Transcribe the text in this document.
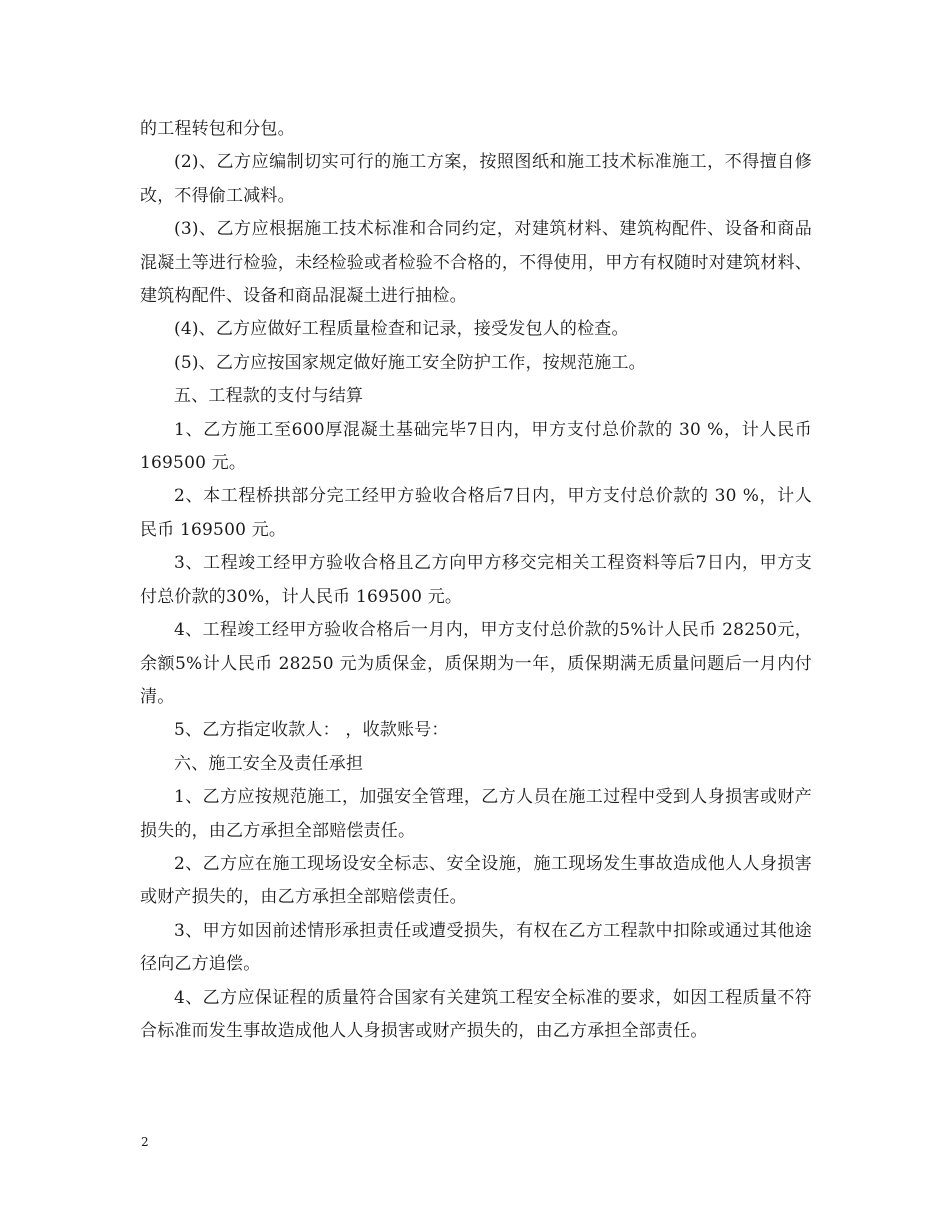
的工程转包和分包。

(2)、乙方应编制切实可行的施工方案，按照图纸和施工技术标准施工，不得擅自修改，不得偷工减料。

(3)、乙方应根据施工技术标准和合同约定，对建筑材料、建筑构配件、设备和商品混凝土等进行检验，未经检验或者检验不合格的，不得使用，甲方有权随时对建筑材料、建筑构配件、设备和商品混凝土进行抽检。

(4)、乙方应做好工程质量检查和记录，接受发包人的检查。

(5)、乙方应按国家规定做好施工安全防护工作，按规范施工。

五、工程款的支付与结算

1、乙方施工至600厚混凝土基础完毕7日内，甲方支付总价款的 30 %，计人民币 169500 元。

2、本工程桥拱部分完工经甲方验收合格后7日内，甲方支付总价款的 30 %，计人民币 169500 元。

3、工程竣工经甲方验收合格且乙方向甲方移交完相关工程资料等后7日内，甲方支付总价款的30%，计人民币 169500 元。

4、工程竣工经甲方验收合格后一月内，甲方支付总价款的5%计人民币 28250元，余额5%计人民币 28250 元为质保金，质保期为一年，质保期满无质量问题后一月内付清。

5、乙方指定收款人： ，收款账号：

六、施工安全及责任承担

1、乙方应按规范施工，加强安全管理，乙方人员在施工过程中受到人身损害或财产损失的，由乙方承担全部赔偿责任。

2、乙方应在施工现场设安全标志、安全设施，施工现场发生事故造成他人人身损害或财产损失的，由乙方承担全部赔偿责任。

3、甲方如因前述情形承担责任或遭受损失，有权在乙方工程款中扣除或通过其他途径向乙方追偿。

4、乙方应保证程的质量符合国家有关建筑工程安全标准的要求，如因工程质量不符合标准而发生事故造成他人人身损害或财产损失的，由乙方承担全部责任。

2
